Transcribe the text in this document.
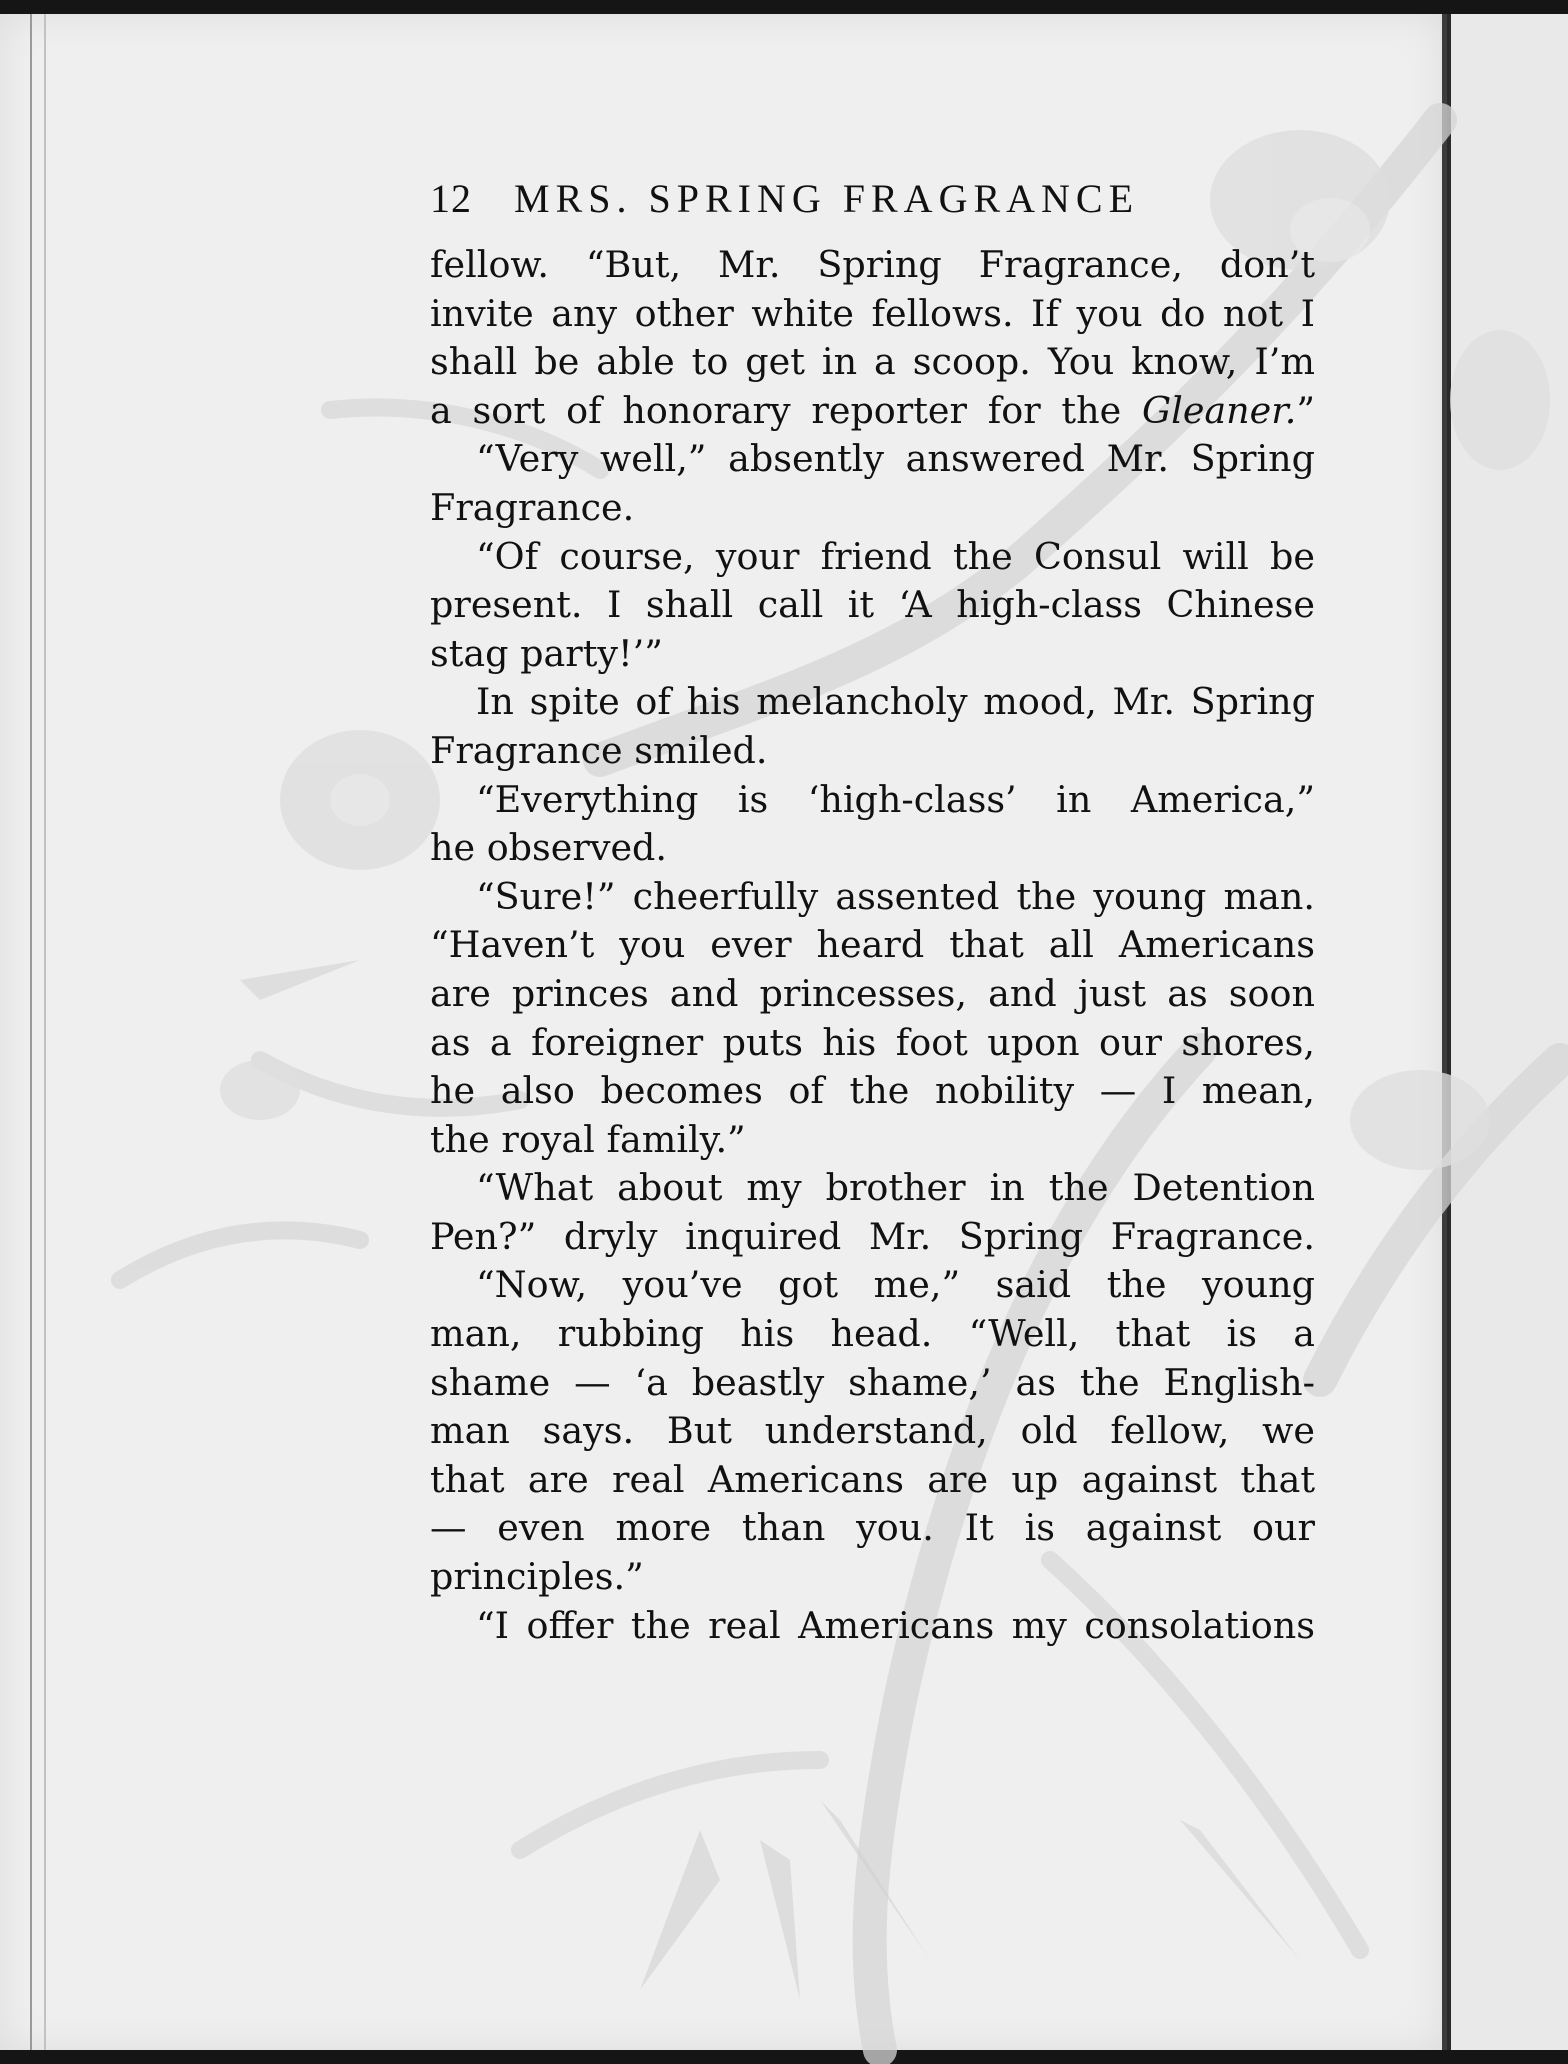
12 MRS. SPRING FRAGRANCE
fellow. “But, Mr. Spring Fragrance, don’t
invite any other white fellows. If you do not I
shall be able to get in a scoop. You know, I’m
a sort of honorary reporter for the Gleaner.”
“Very well,” absently answered Mr. Spring
Fragrance.
“Of course, your friend the Consul will be
present. I shall call it ‘A high-class Chinese
stag party!’”
In spite of his melancholy mood, Mr. Spring
Fragrance smiled.
“Everything is ‘high-class’ in America,”
he observed.
“Sure!” cheerfully assented the young man.
“Haven’t you ever heard that all Americans
are princes and princesses, and just as soon
as a foreigner puts his foot upon our shores,
he also becomes of the nobility — I mean,
the royal family.”
“What about my brother in the Detention
Pen?” dryly inquired Mr. Spring Fragrance.
“Now, you’ve got me,” said the young
man, rubbing his head. “Well, that is a
shame — ‘a beastly shame,’ as the English-
man says. But understand, old fellow, we
that are real Americans are up against that
— even more than you. It is against our
principles.”
“I offer the real Americans my consolations
